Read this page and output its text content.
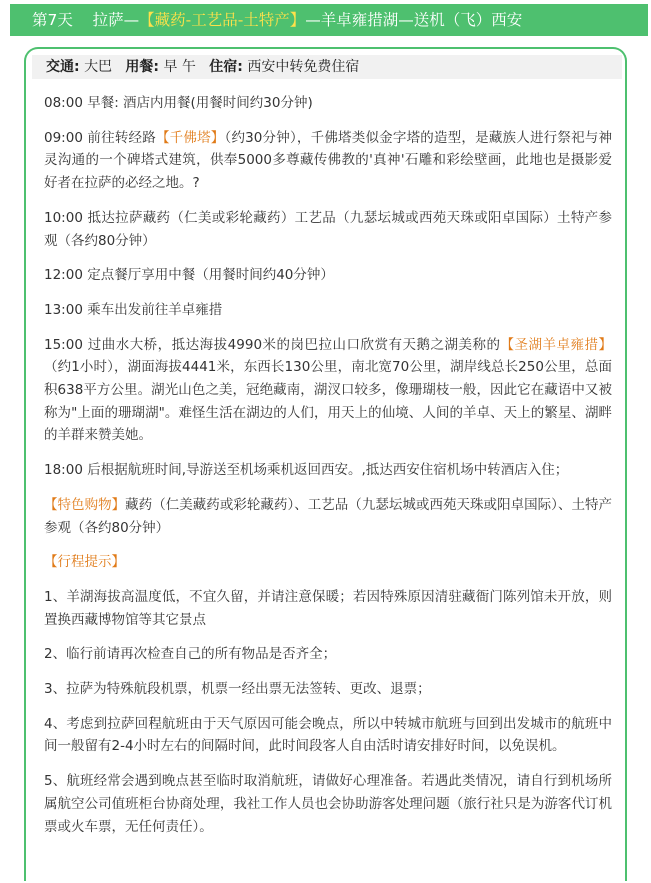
第7天 拉萨—【藏药-工艺品-土特产】—羊卓雍措湖—送机（飞）西安
交通: 大巴 用餐: 早 午 住宿: 西安中转免费住宿

08:00 早餐: 酒店内用餐(用餐时间约30分钟)

09:00 前往转经路【千佛塔】（约30分钟），千佛塔类似金字塔的造型，是藏族人进行祭祀与神灵沟通的一个碑塔式建筑，供奉5000多尊藏传佛教的'真神'石雕和彩绘壁画，此地也是摄影爱好者在拉萨的必经之地。?

10:00 抵达拉萨藏药（仁美或彩轮藏药）工艺品（九瑟坛城或西苑天珠或阳卓国际）土特产参观（各约80分钟）

12:00 定点餐厅享用中餐（用餐时间约40分钟）

13:00 乘车出发前往羊卓雍措

15:00 过曲水大桥，抵达海拔4990米的岗巴拉山口欣赏有天鹅之湖美称的【圣湖羊卓雍措】（约1小时），湖面海拔4441米，东西长130公里，南北宽70公里，湖岸线总长250公里，总面积638平方公里。湖光山色之美，冠绝藏南，湖汊口较多，像珊瑚枝一般，因此它在藏语中又被称为"上面的珊瑚湖"。难怪生活在湖边的人们，用天上的仙境、人间的羊卓、天上的繁星、湖畔的羊群来赞美她。

18:00 后根据航班时间,导游送至机场乘机返回西安。,抵达西安住宿机场中转酒店入住；

【特色购物】藏药（仁美藏药或彩轮藏药）、工艺品（九瑟坛城或西苑天珠或阳卓国际）、土特产参观（各约80分钟）

【行程提示】

1、羊湖海拔高温度低，不宜久留，并请注意保暖；若因特殊原因清驻藏衙门陈列馆未开放，则置换西藏博物馆等其它景点

2、临行前请再次检查自己的所有物品是否齐全；

3、拉萨为特殊航段机票，机票一经出票无法签转、更改、退票；

4、考虑到拉萨回程航班由于天气原因可能会晚点，所以中转城市航班与回到出发城市的航班中间一般留有2-4小时左右的间隔时间，此时间段客人自由活时请安排好时间，以免误机。

5、航班经常会遇到晚点甚至临时取消航班，请做好心理准备。若遇此类情况，请自行到机场所属航空公司值班柜台协商处理，我社工作人员也会协助游客处理问题（旅行社只是为游客代订机票或火车票，无任何责任）。
